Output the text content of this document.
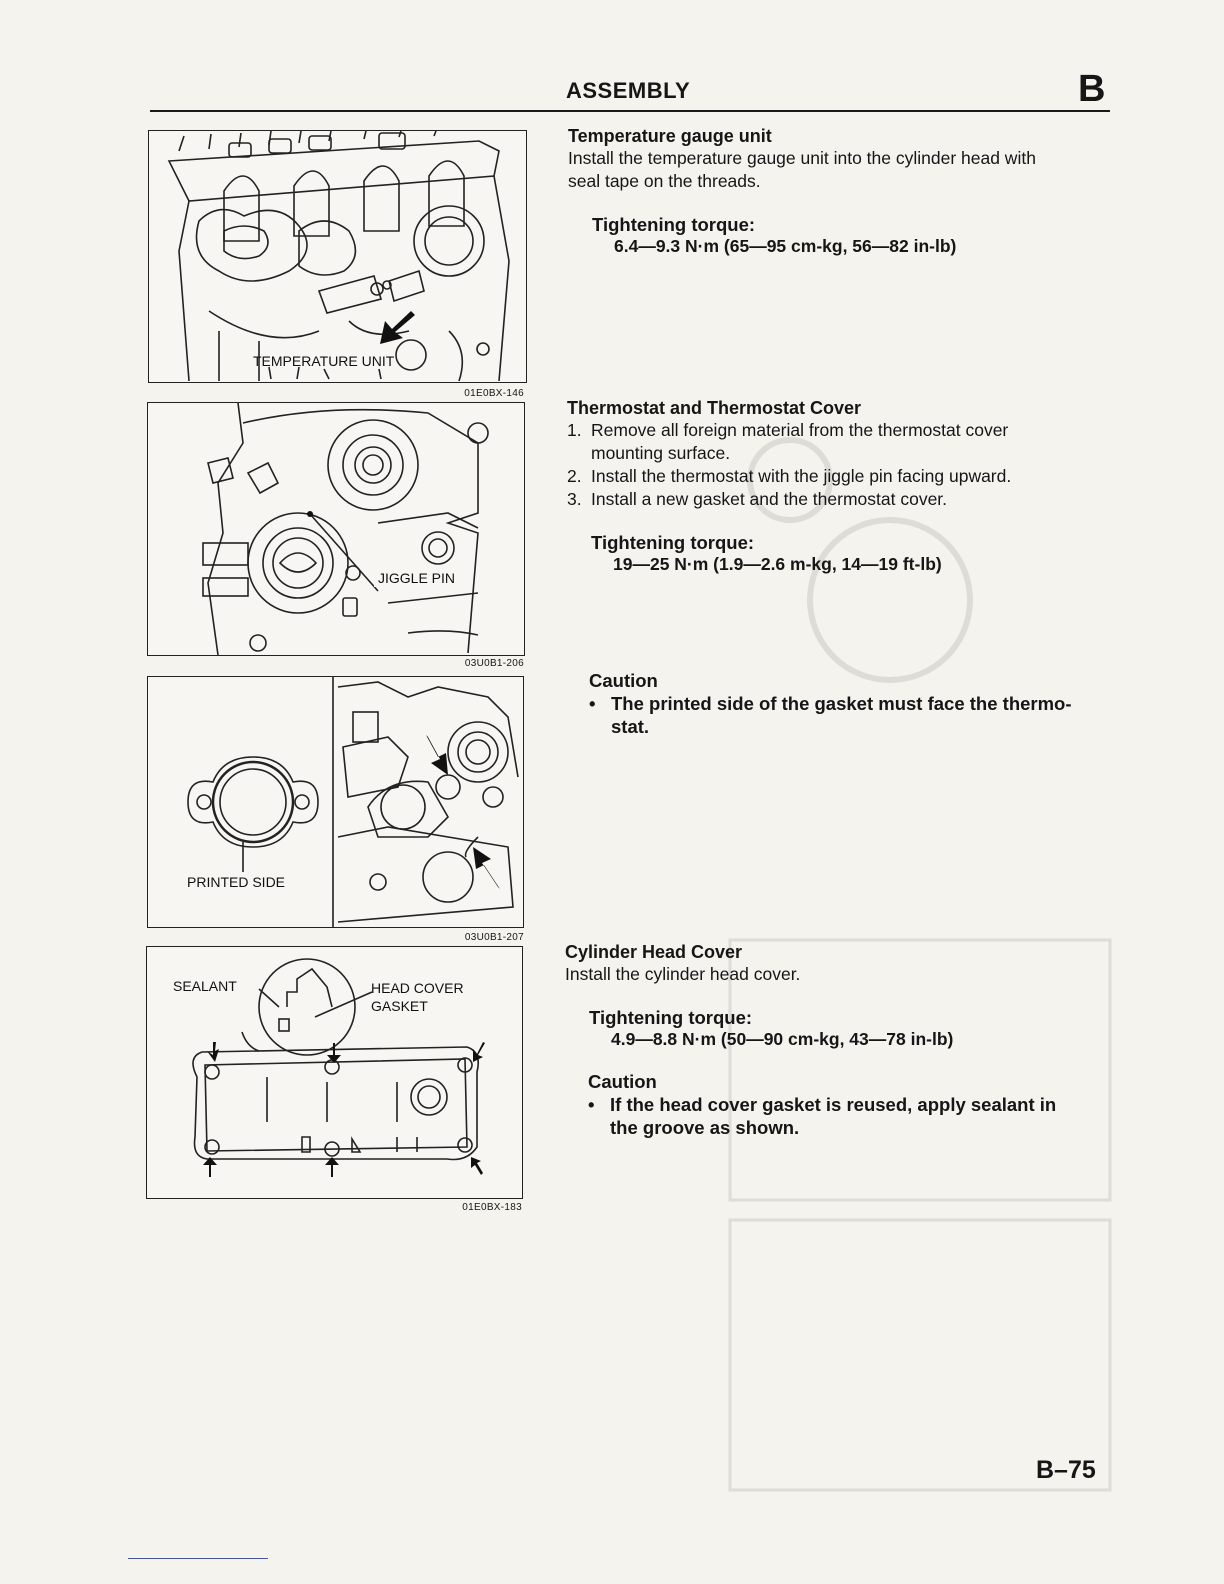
ASSEMBLY	B
TEMPERATURE UNIT
01E0BX-146
JIGGLE PIN
03U0B1-206
PRINTED SIDE
03U0B1-207
SEALANT	HEAD COVER
GASKET
01E0BX-183
Temperature gauge unit
Install the temperature gauge unit into the cylinder head with
seal tape on the threads.
Tightening torque:
6.4—9.3 N·m (65—95 cm-kg, 56—82 in-lb)
Thermostat and Thermostat Cover
1. Remove all foreign material from the thermostat cover
mounting surface.
2. Install the thermostat with the jiggle pin facing upward.
3. Install a new gasket and the thermostat cover.
Tightening torque:
19—25 N·m (1.9—2.6 m-kg, 14—19 ft-lb)
Caution
• The printed side of the gasket must face the thermo-
stat.
Cylinder Head Cover
Install the cylinder head cover.
Tightening torque:
4.9—8.8 N·m (50—90 cm-kg, 43—78 in-lb)
Caution
• If the head cover gasket is reused, apply sealant in
the groove as shown.
B–75
